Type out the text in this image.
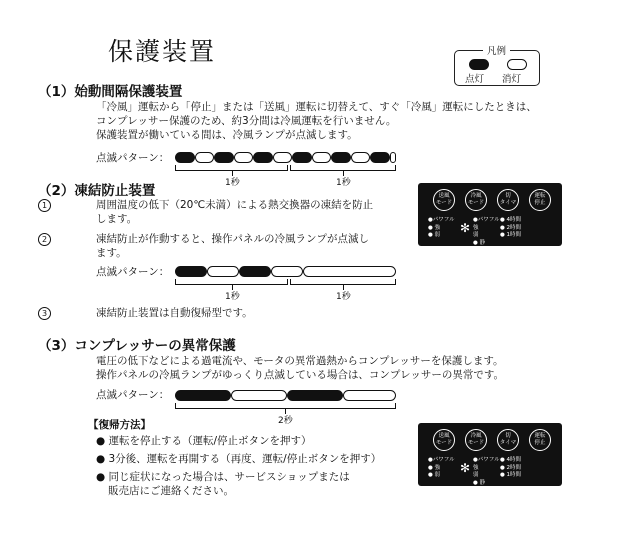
保護装置	凡例
点灯 消灯
（1）始動間隔保護装置
「冷風」運転から「停止」または「送風」運転に切替えて、すぐ「冷風」運転にしたときは、
コンプレッサー保護のため、約3分間は冷風運転を行いません。
保護装置が働いている間は、冷風ランプが点滅します。
点滅パターン：
1秒	1秒
（2）凍結防止装置
1	周囲温度の低下（20℃未満）による熱交換器の凍結を防止
します。
2	凍結防止が作動すると、操作パネルの冷風ランプが点滅し
ます。
点滅パターン：
1秒	1秒
3	凍結防止装置は自動復帰型です。
（3）コンプレッサーの異常保護
電圧の低下などによる過電流や、モータの異常過熱からコンプレッサーを保護します。
操作パネルの冷風ランプがゆっくり点滅している場合は、コンプレッサーの異常です。
点滅パターン：
2秒
【復帰方法】
● 運転を停止する（運転/停止ボタンを押す）
● 3分後、運転を再開する（再度、運転/停止ボタンを押す）
● 同じ症状になった場合は、サービスショップまたは
販売店にご連絡ください。
送風
モード
冷風
モード
切
タイマ
運転
停止
●パワフル
● 強
● 弱	✻
●パワフル
強
弱
● 静
● 4時間
● 2時間
● 1時間
送風
モード
冷風
モード
切
タイマ
運転
停止
●パワフル
● 強
● 弱	✻
●パワフル
強
弱
● 静
● 4時間
● 2時間
● 1時間
